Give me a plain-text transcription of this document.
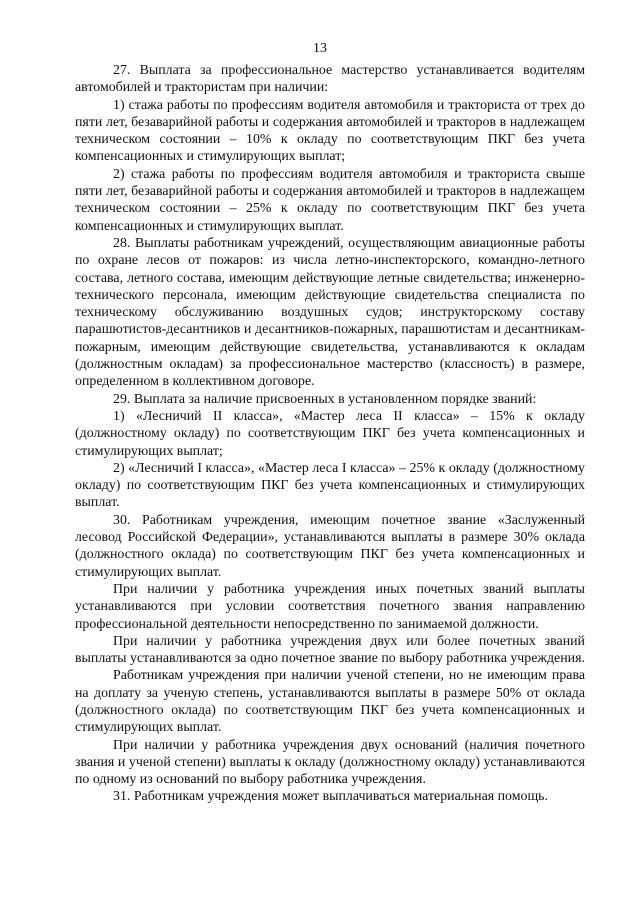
13

27. Выплата за профессиональное мастерство устанавливается водителям автомобилей и трактористам при наличии:

1) стажа работы по профессиям водителя автомобиля и тракториста от трех до пяти лет, безаварийной работы и содержания автомобилей и тракторов в надлежащем техническом состоянии – 10% к окладу по соответствующим ПКГ без учета компенсационных и стимулирующих выплат;

2) стажа работы по профессиям водителя автомобиля и тракториста свыше пяти лет, безаварийной работы и содержания автомобилей и тракторов в надлежащем техническом состоянии – 25% к окладу по соответствующим ПКГ без учета компенсационных и стимулирующих выплат.

28. Выплаты работникам учреждений, осуществляющим авиационные работы по охране лесов от пожаров: из числа летно-инспекторского, командно-летного состава, летного состава, имеющим действующие летные свидетельства; инженерно-технического персонала, имеющим действующие свидетельства специалиста по техническому обслуживанию воздушных судов; инструкторскому составу парашютистов-десантников и десантников-пожарных, парашютистам и десантникам-пожарным, имеющим действующие свидетельства, устанавливаются к окладам (должностным окладам) за профессиональное мастерство (классность) в размере, определенном в коллективном договоре.

29. Выплата за наличие присвоенных в установленном порядке званий:

1) «Лесничий II класса», «Мастер леса II класса» – 15% к окладу (должностному окладу) по соответствующим ПКГ без учета компенсационных и стимулирующих выплат;

2) «Лесничий I класса», «Мастер леса I класса» – 25% к окладу (должностному окладу) по соответствующим ПКГ без учета компенсационных и стимулирующих выплат.

30. Работникам учреждения, имеющим почетное звание «Заслуженный лесовод Российской Федерации», устанавливаются выплаты в размере 30% оклада (должностного оклада) по соответствующим ПКГ без учета компенсационных и стимулирующих выплат.

При наличии у работника учреждения иных почетных званий выплаты устанавливаются при условии соответствия почетного звания направлению профессиональной деятельности непосредственно по занимаемой должности.

При наличии у работника учреждения двух или более почетных званий выплаты устанавливаются за одно почетное звание по выбору работника учреждения.

Работникам учреждения при наличии ученой степени, но не имеющим права на доплату за ученую степень, устанавливаются выплаты в размере 50% от оклада (должностного оклада) по соответствующим ПКГ без учета компенсационных и стимулирующих выплат.

При наличии у работника учреждения двух оснований (наличия почетного звания и ученой степени) выплаты к окладу (должностному окладу) устанавливаются по одному из оснований по выбору работника учреждения.

31. Работникам учреждения может выплачиваться материальная помощь.
